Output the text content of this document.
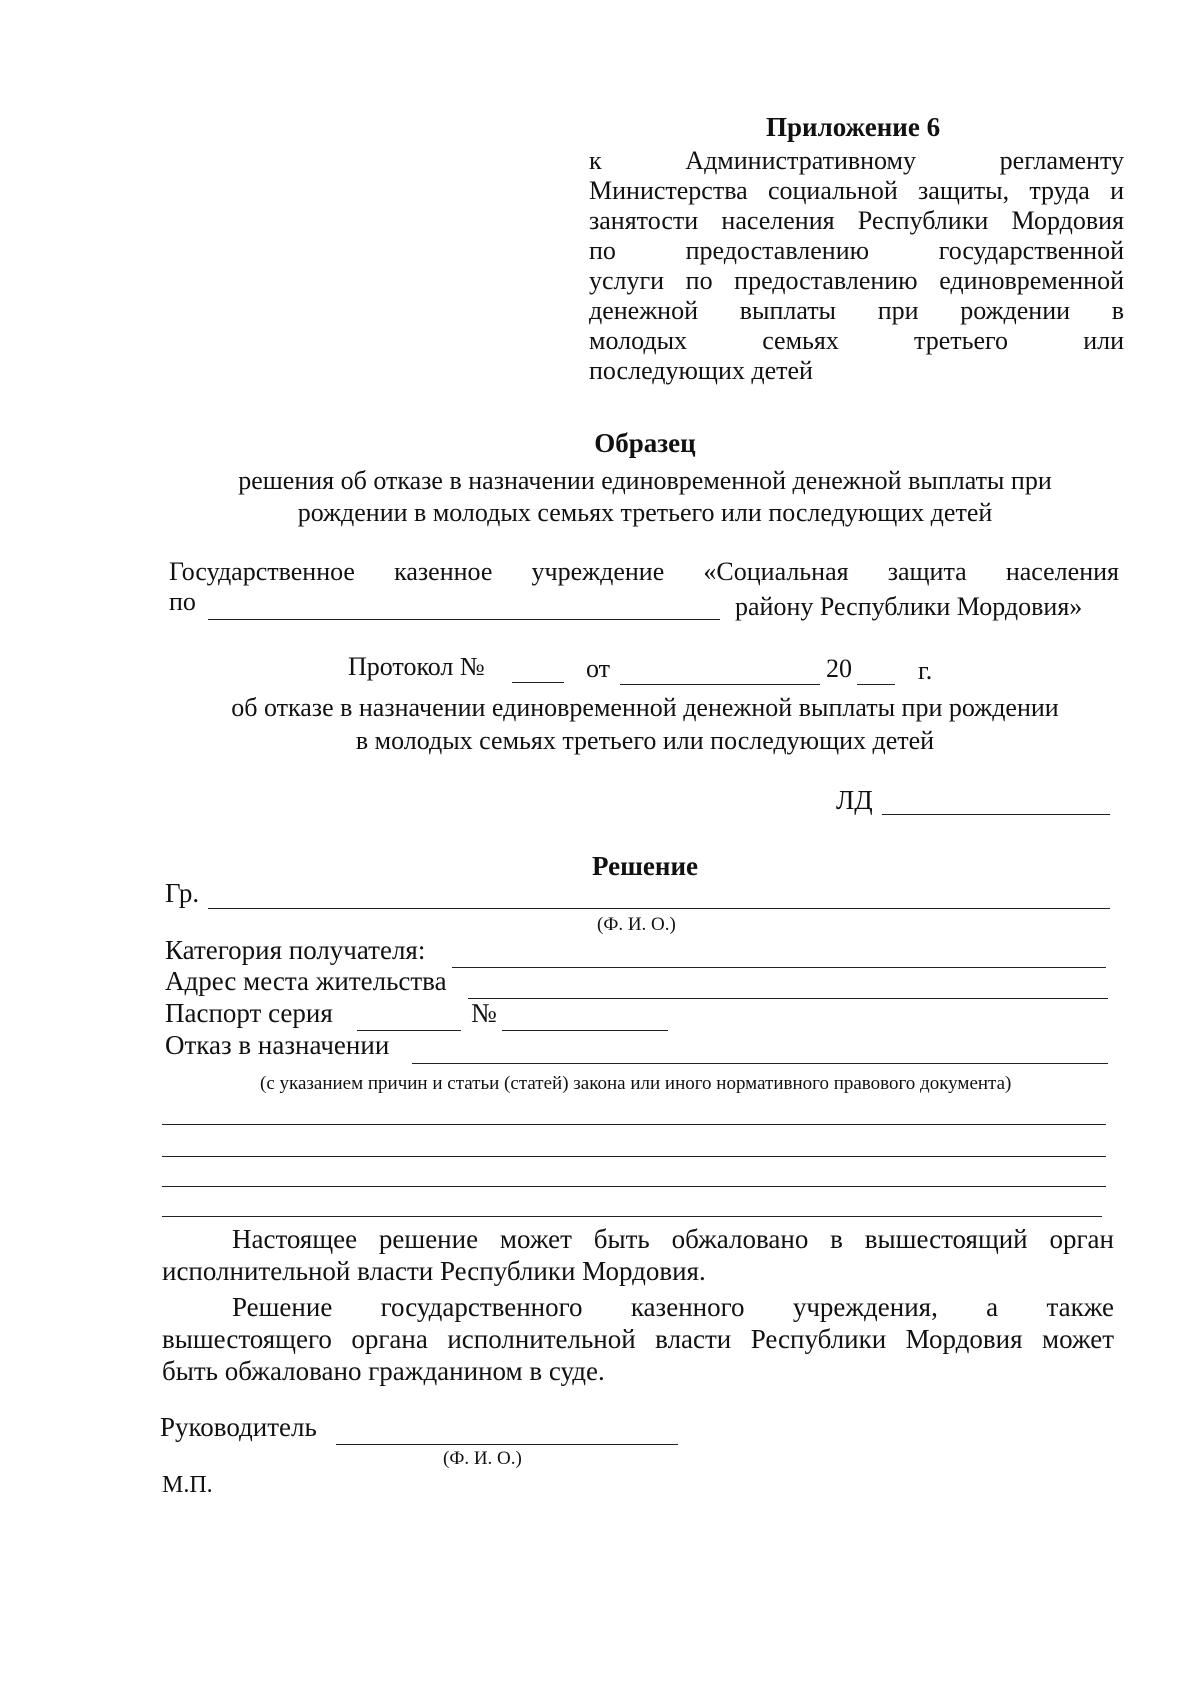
Приложение 6
к Административному регламенту
Министерства социальной защиты, труда и
занятости населения Республики Мордовия
по предоставлению государственной
услуги по предоставлению единовременной
денежной выплаты при рождении в
молодых семьях третьего или
последующих детей
Образец
решения об отказе в назначении единовременной денежной выплаты при
рождении в молодых семьях третьего или последующих детей
Государственное казенное учреждение «Социальная защита населения
по	району Республики Мордовия»
Протокол №	от	20	г.
об отказе в назначении единовременной денежной выплаты при рождении
в молодых семьях третьего или последующих детей
ЛД
Решение
Гр.
(Ф. И. О.)
Категория получателя:
Адрес места жительства
Паспорт серия	№
Отказ в назначении
(с указанием причин и статьи (статей) закона или иного нормативного правового документа)
Настоящее решение может быть обжаловано в вышестоящий орган
исполнительной власти Республики Мордовия.
Решение государственного казенного учреждения, а также
вышестоящего органа исполнительной власти Республики Мордовия может
быть обжаловано гражданином в суде.
Руководитель
(Ф. И. О.)
М.П.
